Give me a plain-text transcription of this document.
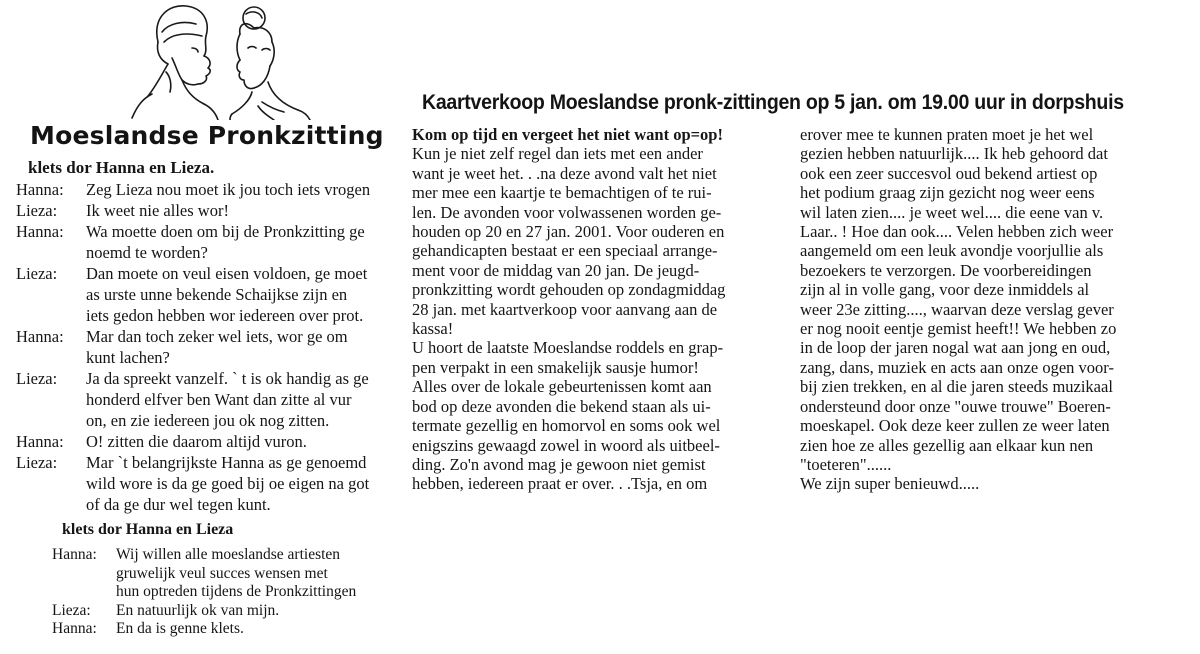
Moeslandse Pronkzitting
klets dor Hanna en Lieza.
Hanna:	Zeg Lieza nou moet ik jou toch iets vrogen
Lieza:	Ik weet nie alles wor!
Hanna:	Wa moette doen om bij de Pronkzitting ge
noemd te worden?
Lieza:	Dan moete on veul eisen voldoen, ge moet
as urste unne bekende Schaijkse zijn en
iets gedon hebben wor iedereen over prot.
Hanna:	Mar dan toch zeker wel iets, wor ge om
kunt lachen?
Lieza:	Ja da spreekt vanzelf. ` t is ok handig as ge
honderd elfver ben Want dan zitte al vur
on, en zie iedereen jou ok nog zitten.
Hanna:	O! zitten die daarom altijd vuron.
Lieza:	Mar `t belangrijkste Hanna as ge genoemd
wild wore is da ge goed bij oe eigen na got
of da ge dur wel tegen kunt.
klets dor Hanna en Lieza
Hanna:	Wij willen alle moeslandse artiesten
gruwelijk veul succes wensen met
hun optreden tijdens de Pronkzittingen
Lieza:	En natuurlijk ok van mijn.
Hanna:	En da is genne klets.
Kaartverkoop Moeslandse pronk-zittingen op 5 jan. om 19.00 uur in dorpshuis
Kom op tijd en vergeet het niet want op=op!
Kun je niet zelf regel dan iets met een ander
want je weet het. . .na deze avond valt het niet
mer mee een kaartje te bemachtigen of te rui-
len. De avonden voor volwassenen worden ge-
houden op 20 en 27 jan. 2001. Voor ouderen en
gehandicapten bestaat er een speciaal arrange-
ment voor de middag van 20 jan. De jeugd-
pronkzitting wordt gehouden op zondagmiddag
28 jan. met kaartverkoop voor aanvang aan de
kassa!
U hoort de laatste Moeslandse roddels en grap-
pen verpakt in een smakelijk sausje humor!
Alles over de lokale gebeurtenissen komt aan
bod op deze avonden die bekend staan als ui-
termate gezellig en homorvol en soms ook wel
enigszins gewaagd zowel in woord als uitbeel-
ding. Zo'n avond mag je gewoon niet gemist
hebben, iedereen praat er over. . .Tsja, en om
erover mee te kunnen praten moet je het wel
gezien hebben natuurlijk.... Ik heb gehoord dat
ook een zeer succesvol oud bekend artiest op
het podium graag zijn gezicht nog weer eens
wil laten zien.... je weet wel.... die eene van v.
Laar.. ! Hoe dan ook.... Velen hebben zich weer
aangemeld om een leuk avondje voorjullie als
bezoekers te verzorgen. De voorbereidingen
zijn al in volle gang, voor deze inmiddels al
weer 23e zitting...., waarvan deze verslag gever
er nog nooit eentje gemist heeft!! We hebben zo
in de loop der jaren nogal wat aan jong en oud,
zang, dans, muziek en acts aan onze ogen voor-
bij zien trekken, en al die jaren steeds muzikaal
ondersteund door onze "ouwe trouwe" Boeren-
moeskapel. Ook deze keer zullen ze weer laten
zien hoe ze alles gezellig aan elkaar kun nen
"toeteren"......
We zijn super benieuwd.....
